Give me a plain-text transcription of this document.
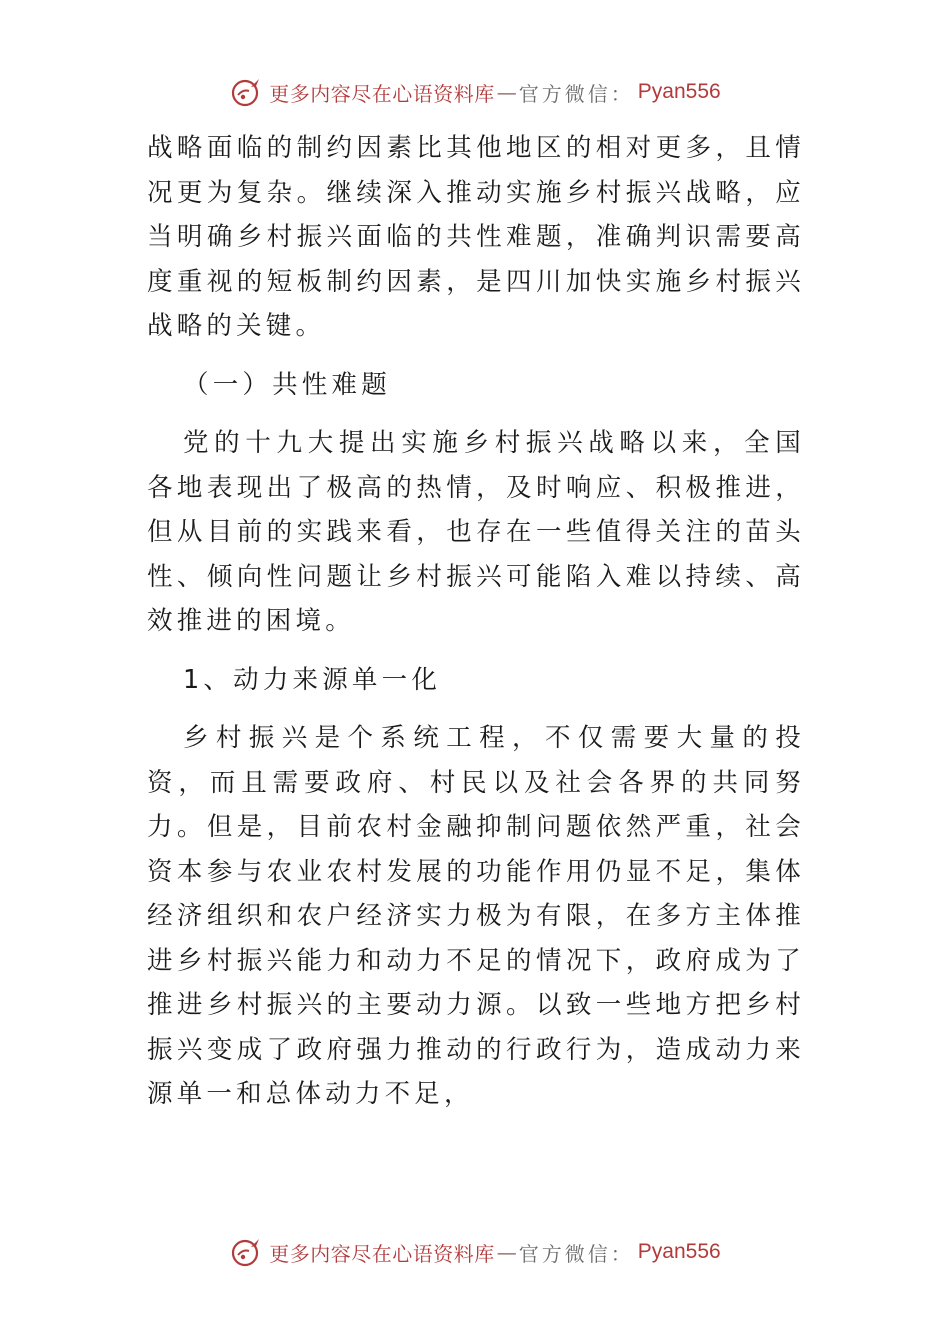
更多内容尽在心语资料库 — 官方微信： Pyan556

战略面临的制约因素比其他地区的相对更多，且情况更为复杂。继续深入推动实施乡村振兴战略，应当明确乡村振兴面临的共性难题，准确判识需要高度重视的短板制约因素，是四川加快实施乡村振兴战略的关键。

（一）共性难题

党的十九大提出实施乡村振兴战略以来，全国各地表现出了极高的热情，及时响应、积极推进，但从目前的实践来看，也存在一些值得关注的苗头性、倾向性问题让乡村振兴可能陷入难以持续、高效推进的困境。

1、动力来源单一化

乡村振兴是个系统工程，不仅需要大量的投资，而且需要政府、村民以及社会各界的共同努力。但是，目前农村金融抑制问题依然严重，社会资本参与农业农村发展的功能作用仍显不足，集体经济组织和农户经济实力极为有限，在多方主体推进乡村振兴能力和动力不足的情况下，政府成为了推进乡村振兴的主要动力源。以致一些地方把乡村振兴变成了政府强力推动的行政行为，造成动力来源单一和总体动力不足，

更多内容尽在心语资料库 — 官方微信： Pyan556
